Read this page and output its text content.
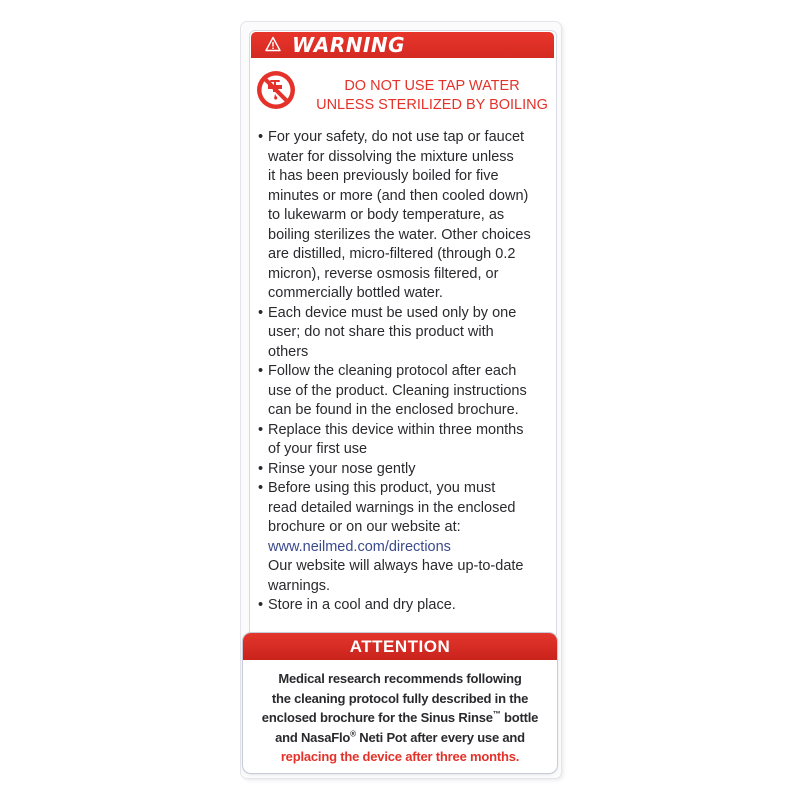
WARNING
DO NOT USE TAP WATER
UNLESS STERILIZED BY BOILING
• For your safety, do not use tap or faucet
water for dissolving the mixture unless
it has been previously boiled for five
minutes or more (and then cooled down)
to lukewarm or body temperature, as
boiling sterilizes the water. Other choices
are distilled, micro-filtered (through 0.2
micron), reverse osmosis filtered, or
commercially bottled water.
• Each device must be used only by one
user; do not share this product with
others
• Follow the cleaning protocol after each
use of the product. Cleaning instructions
can be found in the enclosed brochure.
• Replace this device within three months
of your first use
• Rinse your nose gently
• Before using this product, you must
read detailed warnings in the enclosed
brochure or on our website at:
www.neilmed.com/directions
Our website will always have up-to-date
warnings.
• Store in a cool and dry place.
ATTENTION
Medical research recommends following
the cleaning protocol fully described in the
enclosed brochure for the Sinus Rinse™ bottle
and NasaFlo® Neti Pot after every use and
replacing the device after three months.
